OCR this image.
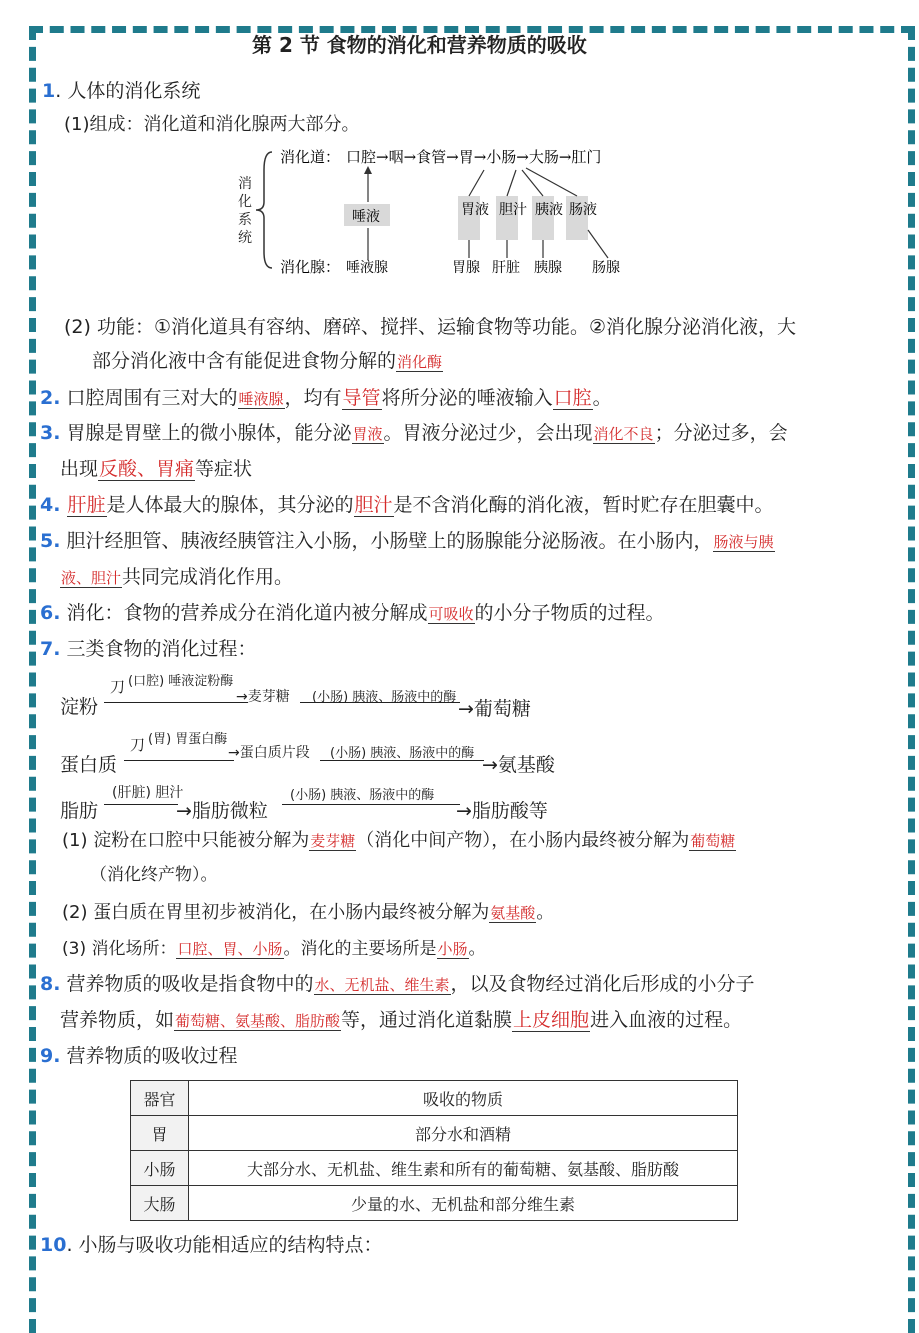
第 2 节 食物的消化和营养物质的吸收
1. 人体的消化系统
(1)组成：消化道和消化腺两大部分。
消化系统
消化道： 口腔→咽→食管→胃→小肠→大肠→肛门
消化腺：
唾液	胃液 胆汁 胰液 肠液
唾液腺	胃腺 肝脏 胰腺 肠腺
(2) 功能：①消化道具有容纳、磨碎、搅拌、运输食物等功能。②消化腺分泌消化液，大
部分消化液中含有能促进食物分解的消化酶
2. 口腔周围有三对大的唾液腺，均有导管将所分泌的唾液输入口腔。
3. 胃腺是胃壁上的微小腺体，能分泌胃液。胃液分泌过少，会出现消化不良；分泌过多，会
出现反酸、胃痛等症状
4. 肝脏是人体最大的腺体，其分泌的胆汁是不含消化酶的消化液，暂时贮存在胆囊中。
5. 胆汁经胆管、胰液经胰管注入小肠，小肠壁上的肠腺能分泌肠液。在小肠内，肠液与胰
液、胆汁共同完成消化作用。
6. 消化：食物的营养成分在消化道内被分解成可吸收的小分子物质的过程。
7. 三类食物的消化过程：
淀粉
刀 (口腔) 唾液淀粉酶
→麦芽糖 (小肠) 胰液、肠液中的酶
→葡萄糖
蛋白质
刀 (胃) 胃蛋白酶
→蛋白质片段 (小肠) 胰液、肠液中的酶
→氨基酸
脂肪
(肝脏) 胆汁
→脂肪微粒
(小肠) 胰液、肠液中的酶
→脂肪酸等
(1) 淀粉在口腔中只能被分解为麦芽糖（消化中间产物），在小肠内最终被分解为葡萄糖
（消化终产物）。
(2) 蛋白质在胃里初步被消化，在小肠内最终被分解为氨基酸。
(3) 消化场所：口腔、胃、小肠。消化的主要场所是小肠。
8. 营养物质的吸收是指食物中的水、无机盐、维生素，以及食物经过消化后形成的小分子
营养物质，如葡萄糖、氨基酸、脂肪酸等，通过消化道黏膜上皮细胞进入血液的过程。
9. 营养物质的吸收过程
器官	吸收的物质
胃	部分水和酒精
小肠	大部分水、无机盐、维生素和所有的葡萄糖、氨基酸、脂肪酸
大肠	少量的水、无机盐和部分维生素
10. 小肠与吸收功能相适应的结构特点：
